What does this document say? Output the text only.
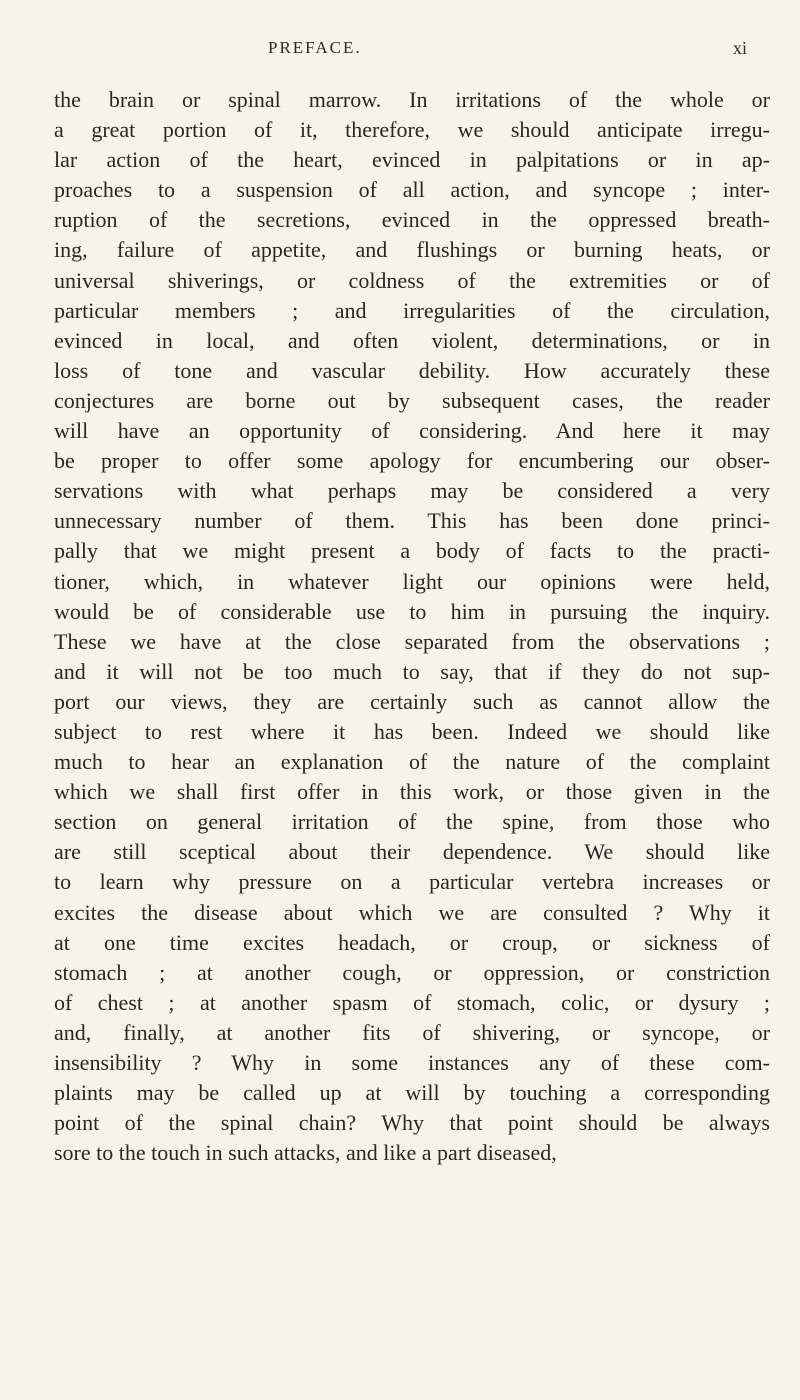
PREFACE.	xi
the brain or spinal marrow. In irritations of the whole or
a great portion of it, therefore, we should anticipate irregu-
lar action of the heart, evinced in palpitations or in ap-
proaches to a suspension of all action, and syncope ; inter-
ruption of the secretions, evinced in the oppressed breath-
ing, failure of appetite, and flushings or burning heats, or
universal shiverings, or coldness of the extremities or of
particular members ; and irregularities of the circulation,
evinced in local, and often violent, determinations, or in
loss of tone and vascular debility. How accurately these
conjectures are borne out by subsequent cases, the reader
will have an opportunity of considering. And here it may
be proper to offer some apology for encumbering our obser-
servations with what perhaps may be considered a very
unnecessary number of them. This has been done princi-
pally that we might present a body of facts to the practi-
tioner, which, in whatever light our opinions were held,
would be of considerable use to him in pursuing the inquiry.
These we have at the close separated from the observations ;
and it will not be too much to say, that if they do not sup-
port our views, they are certainly such as cannot allow the
subject to rest where it has been. Indeed we should like
much to hear an explanation of the nature of the complaint
which we shall first offer in this work, or those given in the
section on general irritation of the spine, from those who
are still sceptical about their dependence. We should like
to learn why pressure on a particular vertebra increases or
excites the disease about which we are consulted ? Why it
at one time excites headach, or croup, or sickness of
stomach ; at another cough, or oppression, or constriction
of chest ; at another spasm of stomach, colic, or dysury ;
and, finally, at another fits of shivering, or syncope, or
insensibility ? Why in some instances any of these com-
plaints may be called up at will by touching a corresponding
point of the spinal chain? Why that point should be always
sore to the touch in such attacks, and like a part diseased,
